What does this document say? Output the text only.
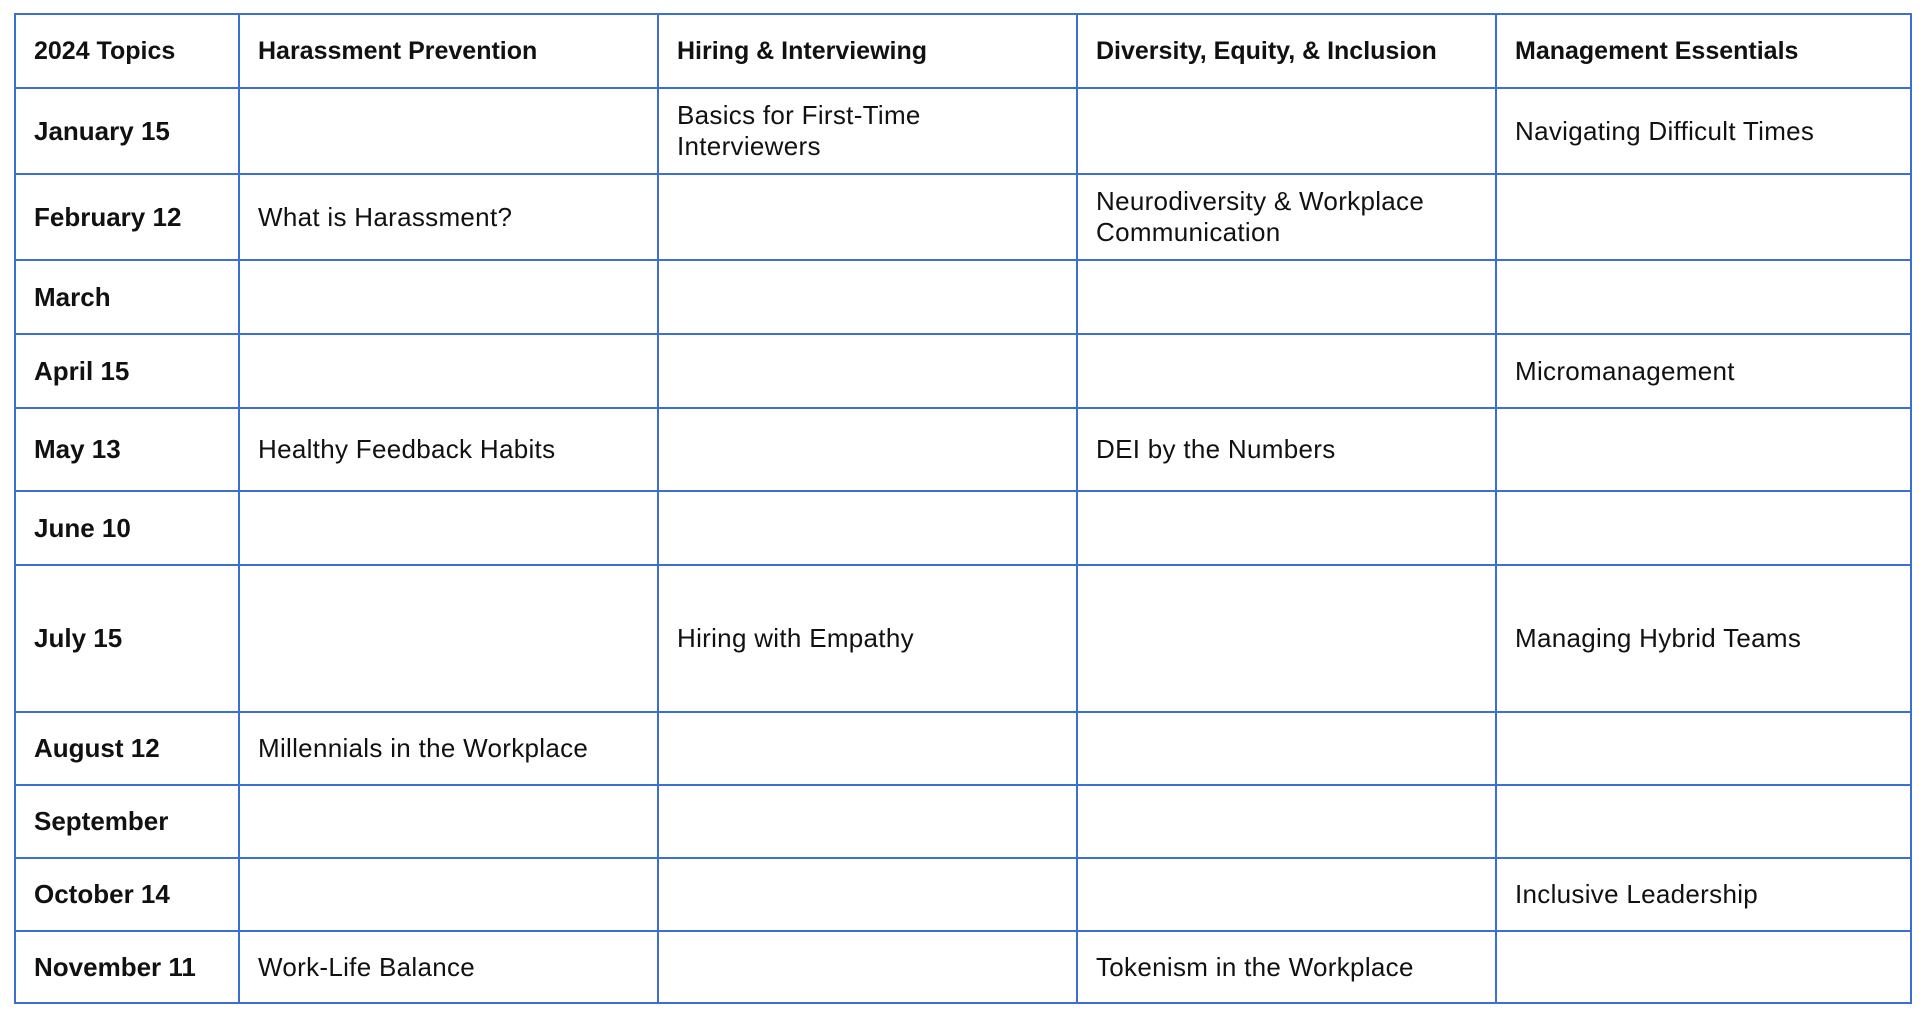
2024 Topics	Harassment Prevention	Hiring & Interviewing	Diversity, Equity, & Inclusion	Management Essentials
January 15		Basics for First-Time Interviewers		Navigating Difficult Times
February 12	What is Harassment?		Neurodiversity & Workplace Communication	
March				
April 15				Micromanagement
May 13	Healthy Feedback Habits		DEI by the Numbers	
June 10				
July 15		Hiring with Empathy		Managing Hybrid Teams
August 12	Millennials in the Workplace			
September				
October 14				Inclusive Leadership
November 11	Work-Life Balance		Tokenism in the Workplace	
